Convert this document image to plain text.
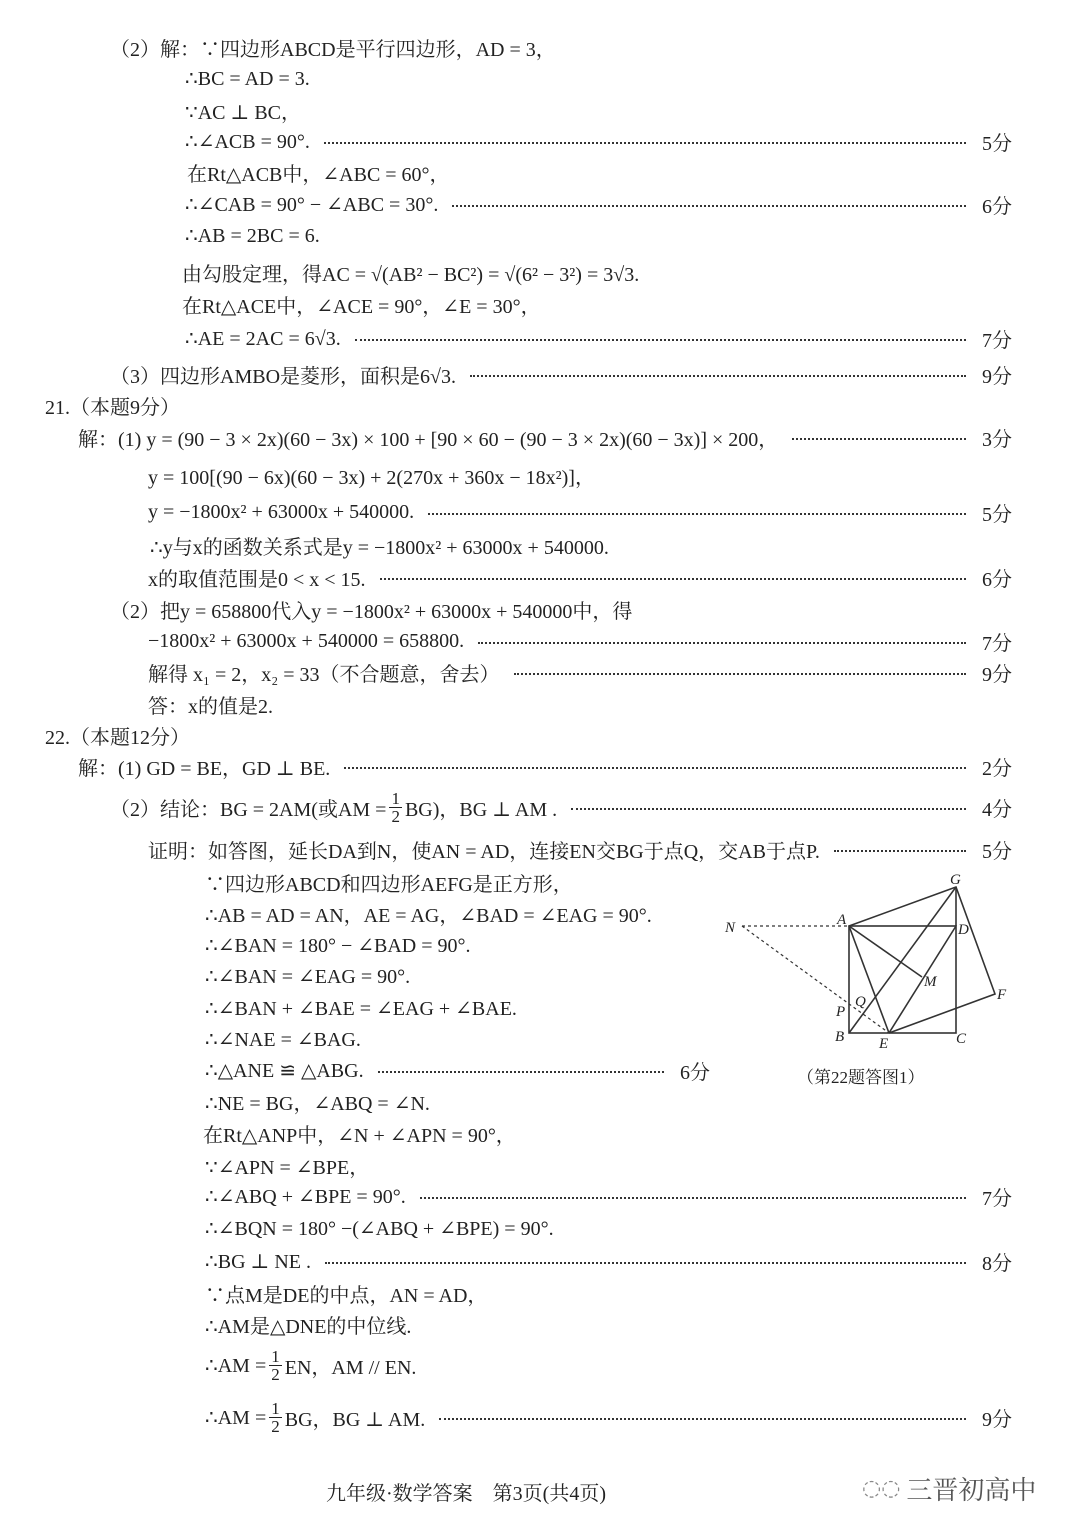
（2）解：∵四边形ABCD是平行四边形，AD = 3，
∴BC = AD = 3.
∵AC ⊥ BC，
∴∠ACB = 90°.	5分
在Rt△ACB中，∠ABC = 60°，
∴∠CAB = 90° − ∠ABC = 30°.	6分
∴AB = 2BC = 6.
由勾股定理，得AC = √(AB² − BC²) = √(6² − 3²) = 3√3.
在Rt△ACE中，∠ACE = 90°，∠E = 30°，
∴AE = 2AC = 6√3.	7分
（3）四边形AMBO是菱形，面积是6√3.	9分
21.（本题9分）
解：(1) y = (90 − 3 × 2x)(60 − 3x) × 100 + [90 × 60 − (90 − 3 × 2x)(60 − 3x)] × 200，	3分
y = 100[(90 − 6x)(60 − 3x) + 2(270x + 360x − 18x²)]，
y = −1800x² + 63000x + 540000.	5分
∴y与x的函数关系式是y = −1800x² + 63000x + 540000.
x的取值范围是0 < x < 15.	6分
（2）把y = 658800代入y = −1800x² + 63000x + 540000中，得
−1800x² + 63000x + 540000 = 658800.	7分
解得 x₁ = 2，x₂ = 33（不合题意，舍去）	9分
答：x的值是2.
22.（本题12分）
解：(1) GD = BE，GD ⊥ BE.	2分
（2）结论：BG = 2AM(或AM = $\frac{1}{2} BG$)，BG ⊥ AM .	4分
证明：如答图，延长DA到N，使AN = AD，连接EN交BG于点Q，交AB于点P.	5分
∵四边形ABCD和四边形AEFG是正方形，
∴AB = AD = AN，AE = AG，∠BAD = ∠EAG = 90°.
∴∠BAN = 180° − ∠BAD = 90°.
∴∠BAN = ∠EAG = 90°.
∴∠BAN + ∠BAE = ∠EAG + ∠BAE.
∴∠NAE = ∠BAG.
∴△ANE ≌ △ABG.	6分
∴NE = BG，∠ABQ = ∠N.
在Rt△ANP中，∠N + ∠APN = 90°，
∵∠APN = ∠BPE，
∴∠ABQ + ∠BPE = 90°.	7分
∴∠BQN = 180° −(∠ABQ + ∠BPE) = 90°.
∴BG ⊥ NE .	8分
∵点M是DE的中点，AN = AD，
∴AM是△DNE的中位线.
∴AM = $\frac{1}{2}$ EN，AM // EN.
∴AM = $\frac{1}{2}$ BG，BG ⊥ AM.	9分
G
A
D
N
M
F
P
Q
B E	C
（第22题答图1）
九年级·数学答案　第3页(共4页)	◌◌ 三晋初高中
